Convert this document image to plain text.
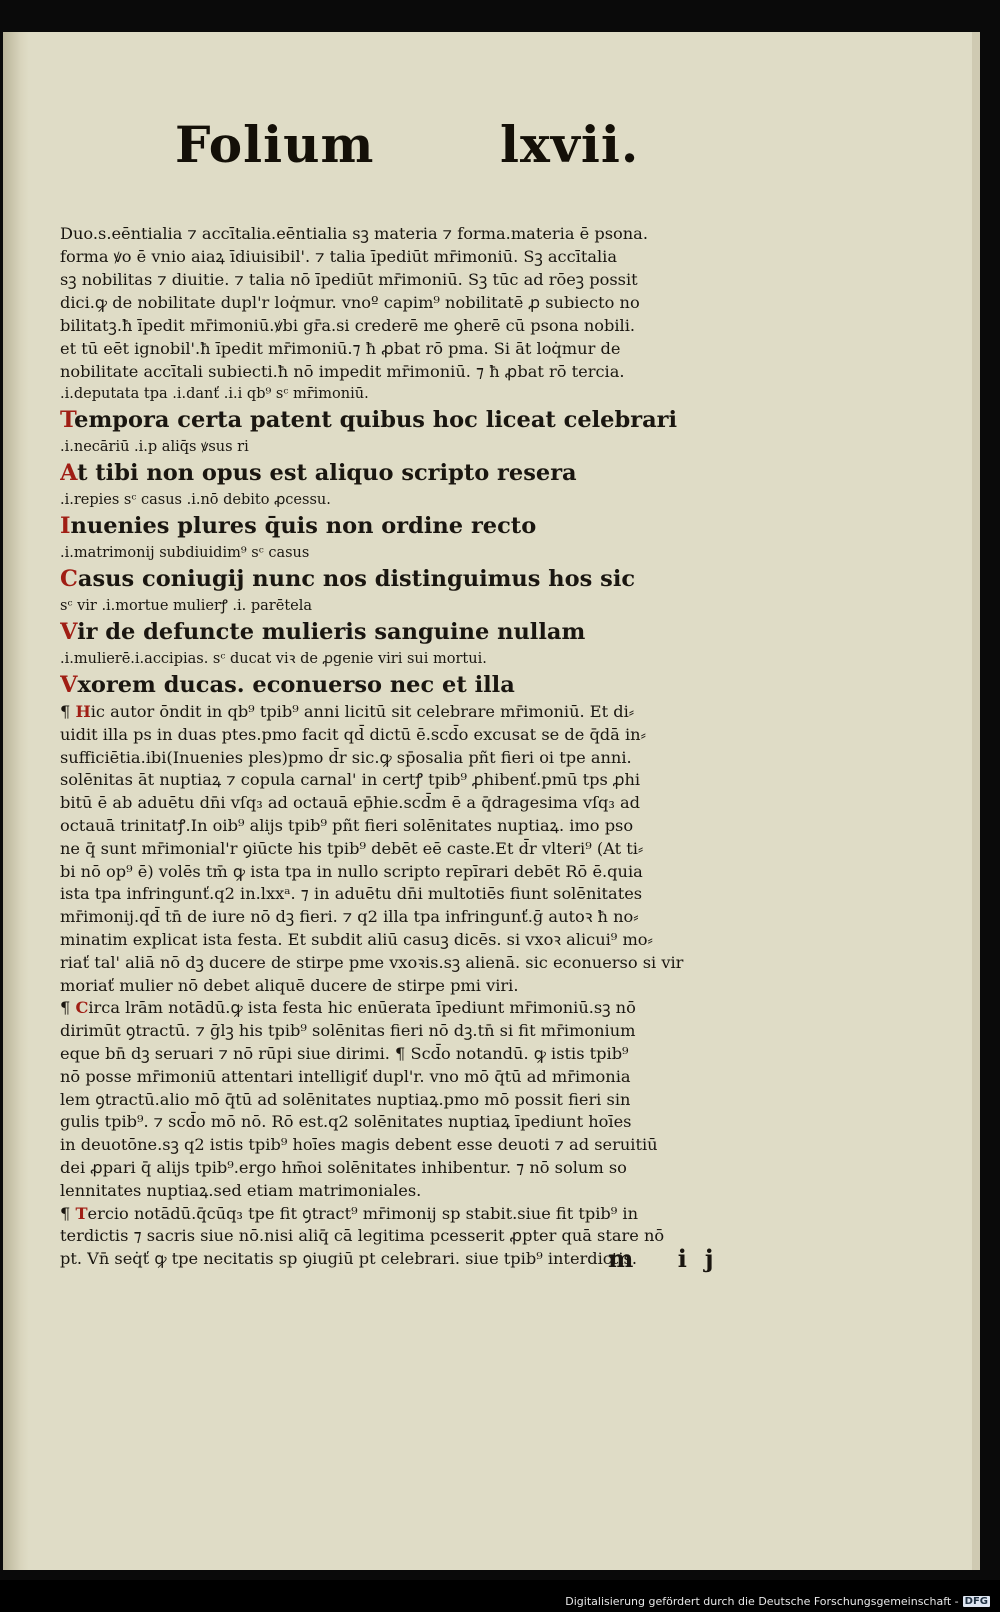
Folium	lxvii.
Duo.s.eēntialia ⁊ accītalia.eēntialia sꝫ materia ⁊ forma.materia ē psona.
forma ꝟo ē vnio aiaꝝ īdiuisibil'. ⁊ talia īpediūt mr̄imoniū. Sꝫ accītalia
sꝫ nobilitas ⁊ diuitie. ⁊ talia nō īpediūt mr̄imoniū. Sꝫ tūc ad rōeꝫ possit
dici.ꝙ de nobilitate dupl'r loq̇mur. vnoº capim⁹ nobilitatē ꝓ subiecto no
bilitatꝫ.ħ īpedit mr̄imoniū.ꝟbi gr̄a.si crederē me ꝯherē cū psona nobili.
et tū eēt ignobil'.ħ īpedit mr̄imoniū.⁊ ħ ꝓbat rō pma. Si āt loq̇mur de
nobilitate accītali subiecti.ħ nō impedit mr̄imoniū. ⁊ ħ ꝓbat rō tercia.
.i.deputata tpa .i.danť .i.i qb⁹ sᶜ mr̄imoniū.
Tempora certa patent quibus hoc liceat celebrari
.i.necāriū .i.p aliq̄s ꝟsus ri
At tibi non opus est aliquo scripto resera
.i.repies sᶜ casus .i.nō debito ꝓcessu.
Inuenies plures q̄uis non ordine recto
.i.matrimonij subdiuidim⁹ sᶜ casus
Casus coniugij nunc nos distinguimus hos sic
sᶜ vir .i.mortue mulierꝭ .i. parētela
Vir de defuncte mulieris sanguine nullam
.i.mulierē.i.accipias. sᶜ ducat viꝛ de ꝓgenie viri sui mortui.
Vxorem ducas. econuerso nec et illa
¶ Hic autor ōndit in qb⁹ tpib⁹ anni licitū sit celebrare mr̄imoniū. Et di⸗
uidit illa ps in duas ptes.pmo facit qd̄ dictū ē.scd̄o excusat se de q̄dā in⸗
sufficiētia.ibi(Inuenies ples)pmo d̄r sic.ꝙ sp̄osalia pñt fieri oi tpe anni.
solēnitas āt nuptiaꝝ ⁊ copula carnal' in certꝭ tpib⁹ ꝓhibenť.pmū tps ꝓhi
bitū ē ab aduētu dn̄i vſq₃ ad octauā ep̄hie.scd̄m ē a q̄dragesima vſq₃ ad
octauā trinitatꝭ.In oib⁹ alijs tpib⁹ pñt fieri solēnitates nuptiaꝝ. imo pso
ne q̄ sunt mr̄imonial'r ꝯiūcte his tpib⁹ debēt eē caste.Et d̄r vlteri⁹ (At ti⸗
bi nō op⁹ ē) volēs tm̄ ꝙ ista tpa in nullo scripto repīrari debēt Rō ē.quia
ista tpa infringunť.q2 in.lxxᵃ. ⁊ in aduētu dn̄i multotiēs fiunt solēnitates
mr̄imonij.qd̄ tn̄ de iure nō dꝫ fieri. ⁊ q2 illa tpa infringunť.ḡ autoꝛ ħ no⸗
minatim explicat ista festa. Et subdit aliū casuꝫ dicēs. si vxoꝛ alicui⁹ mo⸗
riať tal' aliā nō dꝫ ducere de stirpe pme vxoꝛis.sꝫ alienā. sic econuerso si vir
moriať mulier nō debet aliquē ducere de stirpe pmi viri.
¶ Circa lrām notādū.ꝙ ista festa hic enūerata īpediunt mr̄imoniū.sꝫ nō
dirimūt ꝯtractū. ⁊ ḡlꝫ his tpib⁹ solēnitas fieri nō dꝫ.tn̄ si fit mr̄imonium
eque bn̄ dꝫ seruari ⁊ nō rūpi siue dirimi. ¶ Scd̄o notandū. ꝙ istis tpib⁹
nō posse mr̄imoniū attentari intelligiť dupl'r. vno mō q̄tū ad mr̄imonia
lem ꝯtractū.alio mō q̄tū ad solēnitates nuptiaꝝ.pmo mō possit fieri sin
gulis tpib⁹. ⁊ scd̄o mō nō. Rō est.q2 solēnitates nuptiaꝝ īpediunt hoīes
in deuotōne.sꝫ q2 istis tpib⁹ hoīes magis debent esse deuoti ⁊ ad seruitiū
dei ꝓpari q̄ alijs tpib⁹.ergo hm̄oi solēnitates inhibentur. ⁊ nō solum so
lennitates nuptiaꝝ.sed etiam matrimoniales.
¶ Tercio notādū.q̄cūq₃ tpe fit ꝯtract⁹ mr̄imonij sp stabit.siue fit tpib⁹ in
terdictis ⁊ sacris siue nō.nisi aliq̄ cā legitima pcesserit ꝓpter quā stare nō
pt. Vn̄ seq̇ť ꝙ tpe necitatis sp ꝯiugiū pt celebrari. siue tpib⁹ interdictis.
m ij
Digitalisierung gefördert durch die Deutsche Forschungsgemeinschaft - DFG
